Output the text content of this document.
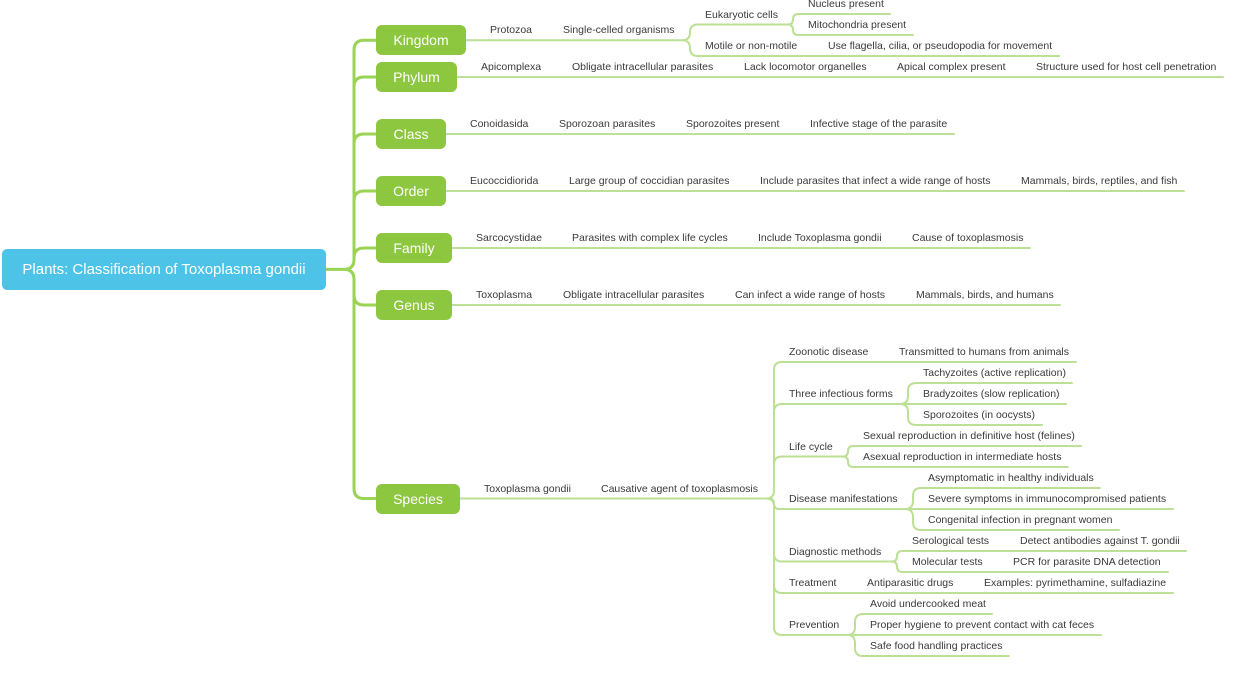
Plants: Classification of Toxoplasma gondii
Kingdom
Protozoa	Single-celled organisms
Eukaryotic cells
Nucleus present
Mitochondria present
Motile or non-motile	Use flagella, cilia, or pseudopodia for movement
Phylum
Apicomplexa	Obligate intracellular parasites	Lack locomotor organelles	Apical complex present	Structure used for host cell penetration
Class
Conoidasida	Sporozoan parasites	Sporozoites present	Infective stage of the parasite
Order
Eucoccidiorida	Large group of coccidian parasites	Include parasites that infect a wide range of hosts	Mammals, birds, reptiles, and fish
Family
Sarcocystidae	Parasites with complex life cycles	Include Toxoplasma gondii	Cause of toxoplasmosis
Genus
Toxoplasma	Obligate intracellular parasites	Can infect a wide range of hosts	Mammals, birds, and humans
Species
Toxoplasma gondii	Causative agent of toxoplasmosis
Zoonotic disease	Transmitted to humans from animals
Three infectious forms
Tachyzoites (active replication)
Bradyzoites (slow replication)
Sporozoites (in oocysts)
Life cycle
Sexual reproduction in definitive host (felines)
Asexual reproduction in intermediate hosts
Disease manifestations
Asymptomatic in healthy individuals
Severe symptoms in immunocompromised patients
Congenital infection in pregnant women
Diagnostic methods
Serological tests	Detect antibodies against T. gondii
Molecular tests	PCR for parasite DNA detection
Treatment	Antiparasitic drugs	Examples: pyrimethamine, sulfadiazine
Prevention
Avoid undercooked meat
Proper hygiene to prevent contact with cat feces
Safe food handling practices
